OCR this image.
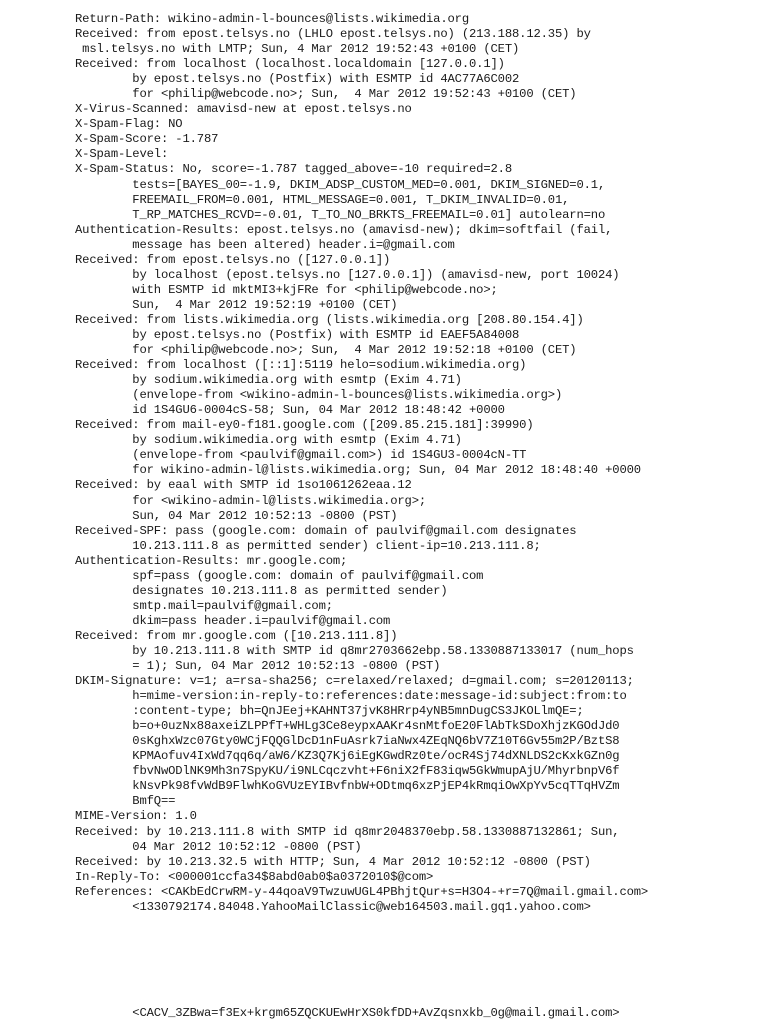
Return-Path: wikino-admin-l-bounces@lists.wikimedia.org
Received: from epost.telsys.no (LHLO epost.telsys.no) (213.188.12.35) by
msl.telsys.no with LMTP; Sun, 4 Mar 2012 19:52:43 +0100 (CET)
Received: from localhost (localhost.localdomain [127.0.0.1])
by epost.telsys.no (Postfix) with ESMTP id 4AC77A6C002
for <philip@webcode.no>; Sun,  4 Mar 2012 19:52:43 +0100 (CET)
X-Virus-Scanned: amavisd-new at epost.telsys.no
X-Spam-Flag: NO
X-Spam-Score: -1.787
X-Spam-Level:
X-Spam-Status: No, score=-1.787 tagged_above=-10 required=2.8
tests=[BAYES_00=-1.9, DKIM_ADSP_CUSTOM_MED=0.001, DKIM_SIGNED=0.1,
FREEMAIL_FROM=0.001, HTML_MESSAGE=0.001, T_DKIM_INVALID=0.01,
T_RP_MATCHES_RCVD=-0.01, T_TO_NO_BRKTS_FREEMAIL=0.01] autolearn=no
Authentication-Results: epost.telsys.no (amavisd-new); dkim=softfail (fail,
message has been altered) header.i=@gmail.com
Received: from epost.telsys.no ([127.0.0.1])
by localhost (epost.telsys.no [127.0.0.1]) (amavisd-new, port 10024)
with ESMTP id mktMI3+kjFRe for <philip@webcode.no>;
Sun,  4 Mar 2012 19:52:19 +0100 (CET)
Received: from lists.wikimedia.org (lists.wikimedia.org [208.80.154.4])
by epost.telsys.no (Postfix) with ESMTP id EAEF5A84008
for <philip@webcode.no>; Sun,  4 Mar 2012 19:52:18 +0100 (CET)
Received: from localhost ([::1]:5119 helo=sodium.wikimedia.org)
by sodium.wikimedia.org with esmtp (Exim 4.71)
(envelope-from <wikino-admin-l-bounces@lists.wikimedia.org>)
id 1S4GU6-0004cS-58; Sun, 04 Mar 2012 18:48:42 +0000
Received: from mail-ey0-f181.google.com ([209.85.215.181]:39990)
by sodium.wikimedia.org with esmtp (Exim 4.71)
(envelope-from <paulvif@gmail.com>) id 1S4GU3-0004cN-TT
for wikino-admin-l@lists.wikimedia.org; Sun, 04 Mar 2012 18:48:40 +0000
Received: by eaal with SMTP id 1so1061262eaa.12
for <wikino-admin-l@lists.wikimedia.org>;
Sun, 04 Mar 2012 10:52:13 -0800 (PST)
Received-SPF: pass (google.com: domain of paulvif@gmail.com designates
10.213.111.8 as permitted sender) client-ip=10.213.111.8;
Authentication-Results: mr.google.com;
spf=pass (google.com: domain of paulvif@gmail.com
designates 10.213.111.8 as permitted sender)
smtp.mail=paulvif@gmail.com;
dkim=pass header.i=paulvif@gmail.com
Received: from mr.google.com ([10.213.111.8])
by 10.213.111.8 with SMTP id q8mr2703662ebp.58.1330887133017 (num_hops
= 1); Sun, 04 Mar 2012 10:52:13 -0800 (PST)
DKIM-Signature: v=1; a=rsa-sha256; c=relaxed/relaxed; d=gmail.com; s=20120113;
h=mime-version:in-reply-to:references:date:message-id:subject:from:to
:content-type; bh=QnJEej+KAHNT37jvK8HRrp4yNB5mnDugCS3JKOLlmQE=;
b=o+0uzNx88axeiZLPPfT+WHLg3Ce8eypxAAKr4snMtfoE20FlAbTkSDoXhjzKGOdJd0
0sKghxWzc07Gty0WCjFQQGlDcD1nFuAsrk7iaNwx4ZEqNQ6bV7Z10T6Gv55m2P/BztS8
KPMAofuv4IxWd7qq6q/aW6/KZ3Q7Kj6iEgKGwdRz0te/ocR4Sj74dXNLDS2cKxkGZn0g
fbvNwODlNK9Mh3n7SpyKU/i9NLCqczvht+F6niX2fF83iqw5GkWmupAjU/MhyrbnpV6f
kNsvPk98fvWdB9FlwhKoGVUzEYIBvfnbW+ODtmq6xzPjEP4kRmqiOwXpYv5cqTTqHVZm
BmfQ==
MIME-Version: 1.0
Received: by 10.213.111.8 with SMTP id q8mr2048370ebp.58.1330887132861; Sun,
04 Mar 2012 10:52:12 -0800 (PST)
Received: by 10.213.32.5 with HTTP; Sun, 4 Mar 2012 10:52:12 -0800 (PST)
In-Reply-To: <000001ccfa34$8abd0ab0$a0372010$@com>
References: <CAKbEdCrwRM-y-44qoaV9TwzuwUGL4PBhjtQur+s=H3O4-+r=7Q@mail.gmail.com>
<1330792174.84048.YahooMailClassic@web164503.mail.gq1.yahoo.com>

<CACV_3ZBwa=f3Ex+krgm65ZQCKUEwHrXS0kfDD+AvZqsnxkb_0g@mail.gmail.com>
